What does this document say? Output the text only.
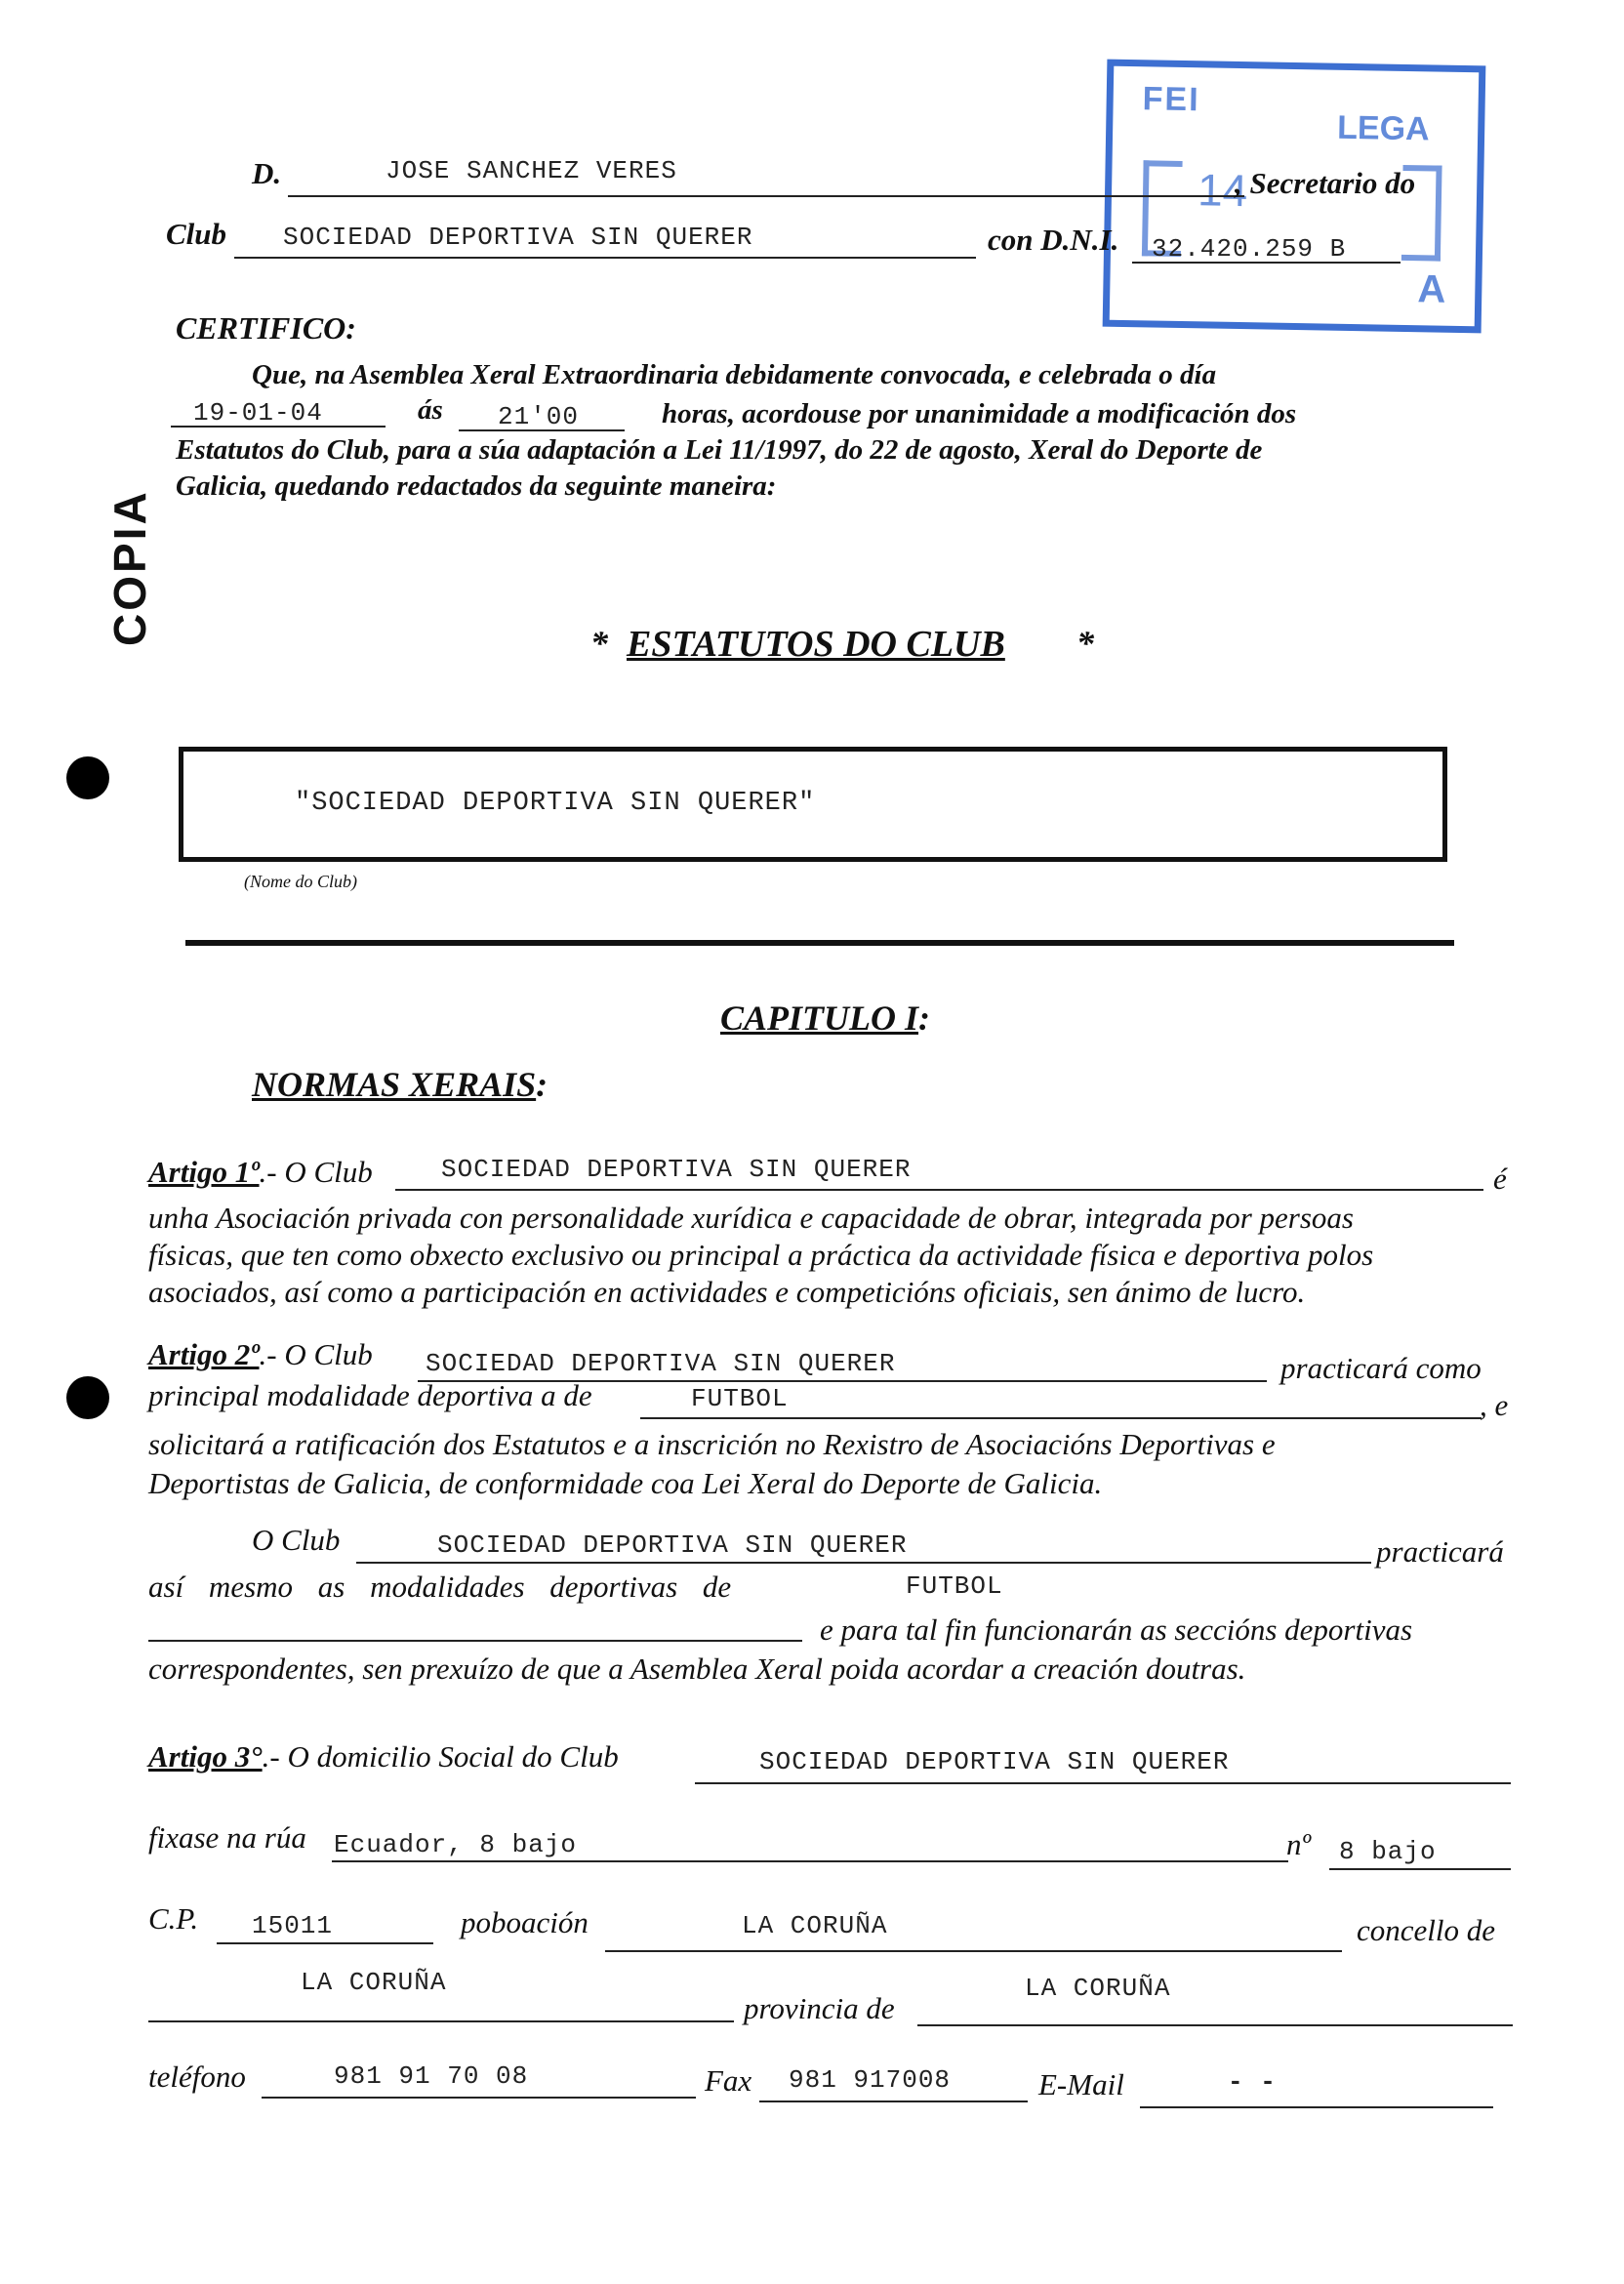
FEI
LEGA
14
A
COPIA
D.	JOSE SANCHEZ VERES	, Secretario do
Club SOCIEDAD DEPORTIVA SIN QUERER	con D.N.I. 32.420.259 B
CERTIFICO:
Que, na Asemblea Xeral Extraordinaria debidamente convocada, e celebrada o día
19-01-04	ás 21'00	horas, acordouse por unanimidade a modificación dos
Estatutos do Club, para a súa adaptación a Lei 11/1997, do 22 de agosto, Xeral do Deporte de
Galicia, quedando redactados da seguinte maneira:
* ESTATUTOS DO CLUB *
"SOCIEDAD DEPORTIVA SIN QUERER"
(Nome do Club)
CAPITULO I:
NORMAS XERAIS:
Artigo 1º.- O Club	SOCIEDAD DEPORTIVA SIN QUERER	é
unha Asociación privada con personalidade xurídica e capacidade de obrar, integrada por persoas
físicas, que ten como obxecto exclusivo ou principal a práctica da actividade física e deportiva polos
asociados, así como a participación en actividades e competicións oficiais, sen ánimo de lucro.
Artigo 2º.- O Club SOCIEDAD DEPORTIVA SIN QUERER	practicará como
principal modalidade deportiva a de	FUTBOL	, e
solicitará a ratificación dos Estatutos e a inscrición no Rexistro de Asociacións Deportivas e
Deportistas de Galicia, de conformidade coa Lei Xeral do Deporte de Galicia.
O Club	SOCIEDAD DEPORTIVA SIN QUERER	practicará
así mesmo as modalidades deportivas de	FUTBOL
e para tal fin funcionarán as seccións deportivas
correspondentes, sen prexuízo de que a Asemblea Xeral poida acordar a creación doutras.
Artigo 3°.- O domicilio Social do Club	SOCIEDAD DEPORTIVA SIN QUERER
fixase na rúa Ecuador, 8 bajo	nº 8 bajo
C.P. 15011	poboación	LA CORUÑA	concello de
LA CORUÑA
provincia de
LA CORUÑA
teléfono	981 91 70 08	Fax 981 917008	E-Mail	- -
